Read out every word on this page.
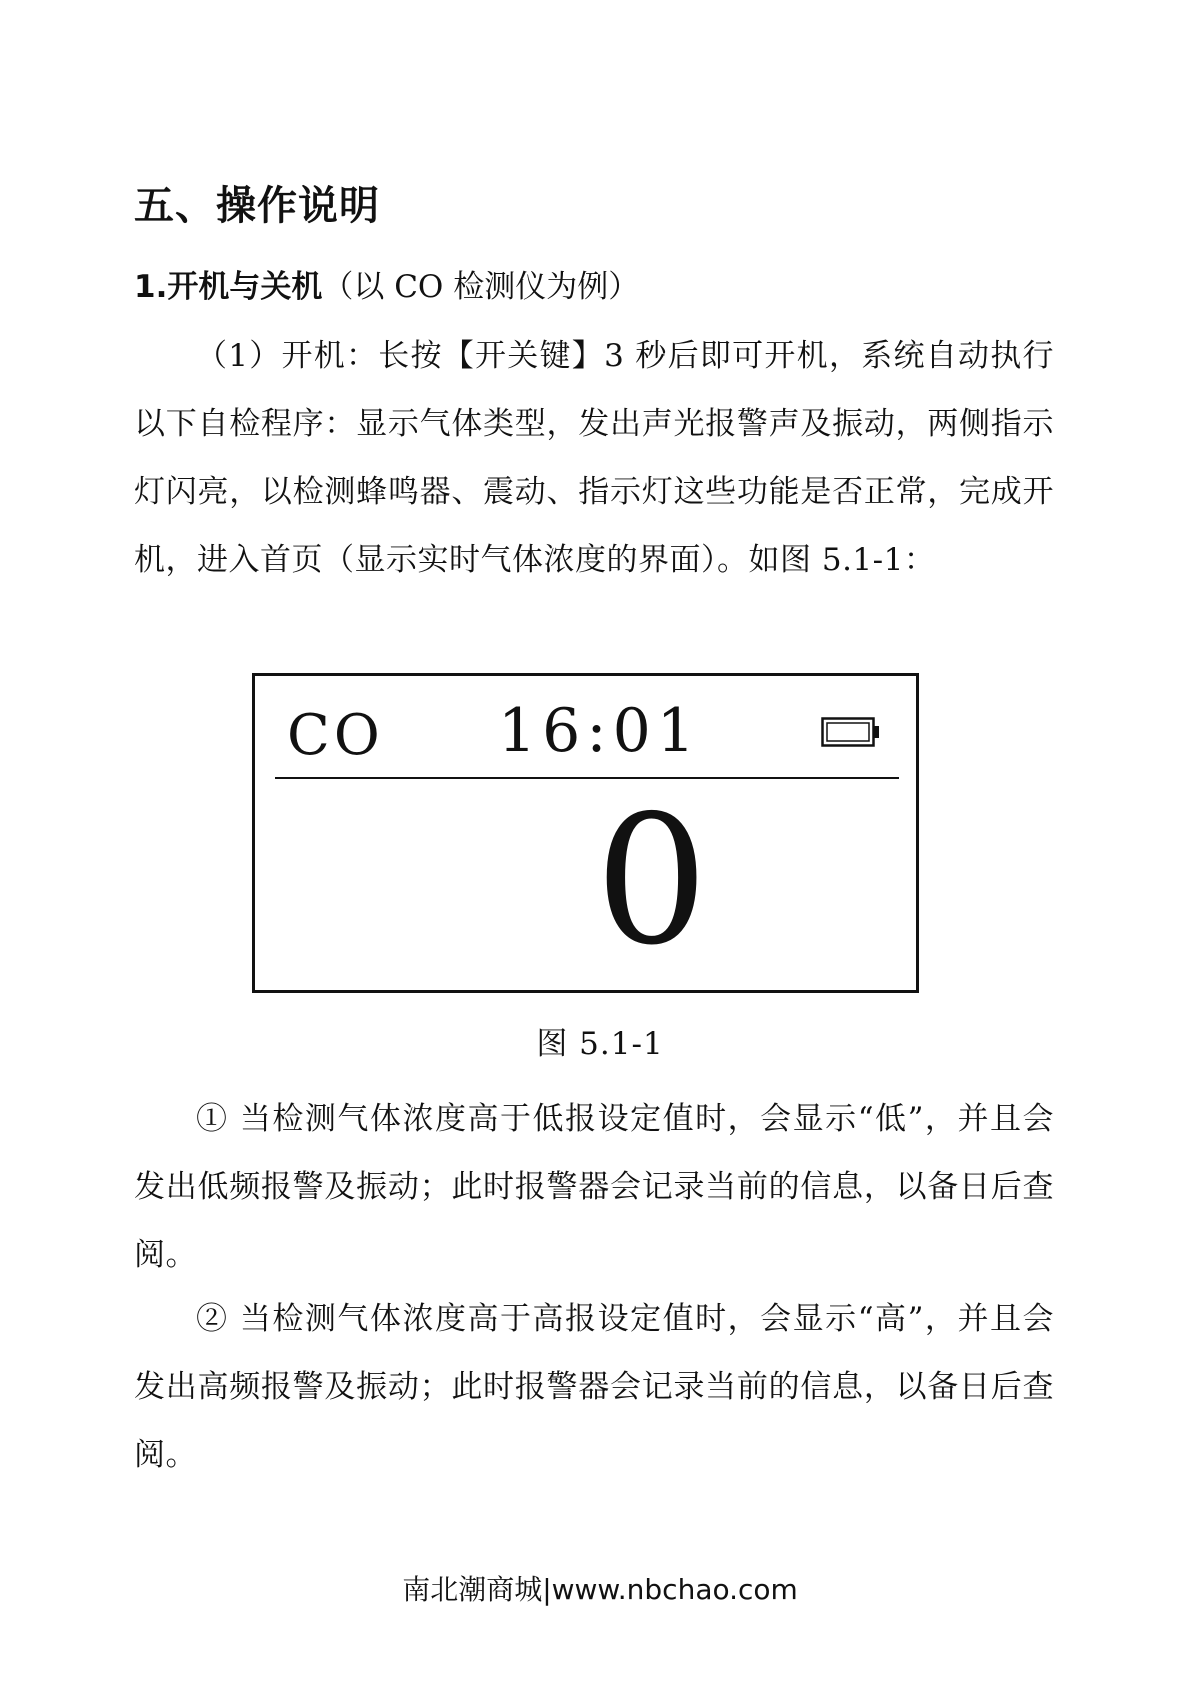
五、操作说明
1.开机与关机（以 CO 检测仪为例）
（1）开机：长按【开关键】3 秒后即可开机，系统自动执行以下自检程序：显示气体类型，发出声光报警声及振动，两侧指示灯闪亮，以检测蜂鸣器、震动、指示灯这些功能是否正常，完成开机，进入首页（显示实时气体浓度的界面）。如图 5.1-1：
CO 16:01
0
图 5.1-1
① 当检测气体浓度高于低报设定值时，会显示“低”，并且会发出低频报警及振动；此时报警器会记录当前的信息，以备日后查阅。
② 当检测气体浓度高于高报设定值时，会显示“高”，并且会发出高频报警及振动；此时报警器会记录当前的信息，以备日后查阅。
南北潮商城|www.nbchao.com
